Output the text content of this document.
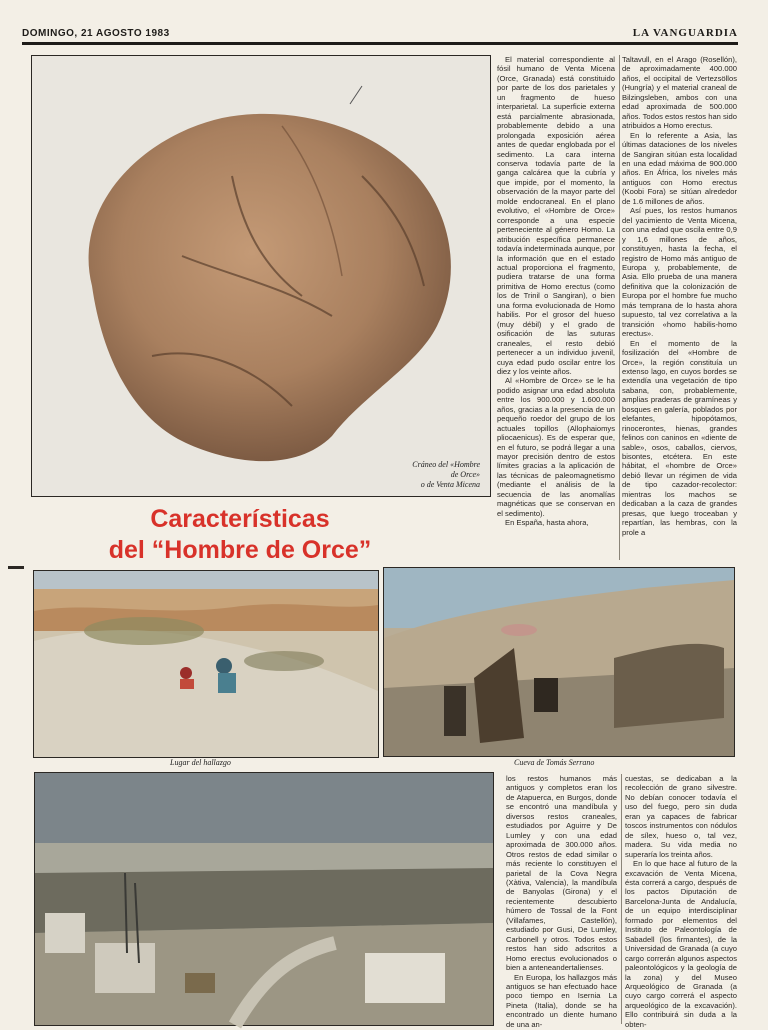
DOMINGO, 21 AGOSTO 1983	LA VANGUARDIA
Cráneo del «Hombre
de Orce»
o de Venta Micena
Características
del “Hombre de Orce”

El material correspondiente al fósil humano de Venta Micena (Orce, Granada) está constituido por parte de los dos parietales y un fragmento de hueso interparietal. La superficie externa está parcialmente abrasionada, probablemente debido a una prolongada exposición aérea antes de quedar englobada por el sedimento. La cara interna conserva todavía parte de la ganga calcárea que la cubría y que impide, por el momento, la observación de la mayor parte del molde endocraneal. En el plano evolutivo, el «Hombre de Orce» corresponde a una especie perteneciente al género Homo. La atribución específica permanece todavía indeterminada aunque, por la información que en el estado actual proporciona el fragmento, pudiera tratarse de una forma primitiva de Homo erectus (como los de Trinil o Sangiran), o bien una forma evolucionada de Homo habilis. Por el grosor del hueso (muy débil) y el grado de osificación de las suturas craneales, el resto debió pertenecer a un individuo juvenil, cuya edad pudo oscilar entre los diez y los veinte años.

Al «Hombre de Orce» se le ha podido asignar una edad absoluta entre los 900.000 y 1.600.000 años, gracias a la presencia de un pequeño roedor del grupo de los actuales topillos (Allophaiomys pliocaenicus). Es de esperar que, en el futuro, se podrá llegar a una mayor precisión dentro de estos límites gracias a la aplicación de las técnicas de paleomagnetismo (mediante el análisis de la secuencia de las anomalías magnéticas que se conservan en el sedimento).

En España, hasta ahora,

Taltavull, en el Arago (Rosellón), de aproximadamente 400.000 años, el occipital de Vertezsöllos (Hungría) y el material craneal de Bilzingsleben, ambos con una edad aproximada de 500.000 años. Todos estos restos han sido atribuidos a Homo erectus.

En lo referente a Asia, las últimas dataciones de los niveles de Sangiran sitúan esta localidad en una edad máxima de 900.000 años. En África, los niveles más antiguos con Homo erectus (Koobi Fora) se sitúan alrededor de 1.6 millones de años.

Así pues, los restos humanos del yacimiento de Venta Micena, con una edad que oscila entre 0,9 y 1,6 millones de años, constituyen, hasta la fecha, el registro de Homo más antiguo de Europa y, probablemente, de Asia. Ello prueba de una manera definitiva que la colonización de Europa por el hombre fue mucho más temprana de lo hasta ahora supuesto, tal vez correlativa a la transición «homo habilis-homo erectus».

En el momento de la fosilización del «Hombre de Orce», la región constituía un extenso lago, en cuyos bordes se extendía una vegetación de tipo sabana, con, probablemente, amplias praderas de gramíneas y bosques en galería, poblados por elefantes, hipopótamos, rinocerontes, hienas, grandes felinos con caninos en «diente de sable», osos, caballos, ciervos, bisontes, etcétera. En este hábitat, el «hombre de Orce» debió llevar un régimen de vida de tipo cazador-recolector: mientras los machos se dedicaban a la caza de grandes presas, que luego troceaban y repartían, las hembras, con la prole a

Lugar del hallazgo	Cueva de Tomás Serrano

los restos humanos más antiguos y completos eran los de Atapuerca, en Burgos, donde se encontró una mandíbula y diversos restos craneales, estudiados por Aguirre y De Lumley y con una edad aproximada de 300.000 años. Otros restos de edad similar o más reciente lo constituyen el parietal de la Cova Negra (Xàtiva, Valencia), la mandíbula de Banyolas (Girona) y el recientemente descubierto húmero de Tossal de la Font (Villafames, Castellón), estudiado por Gusi, De Lumley, Carbonell y otros. Todos estos restos han sido adscritos a Homo erectus evolucionados o bien a anteneandertalienses.

En Europa, los hallazgos más antiguos se han efectuado hace poco tiempo en Isernia La Pineta (Italia), donde se ha encontrado un diente humano de una an-

cuestas, se dedicaban a la recolección de grano silvestre. No debían conocer todavía el uso del fuego, pero sin duda eran ya capaces de fabricar toscos instrumentos con nódulos de sílex, hueso o, tal vez, madera. Su vida media no superaría los treinta años.

En lo que hace al futuro de la excavación de Venta Micena, ésta correrá a cargo, después de los pactos Diputación de Barcelona-Junta de Andalucía, de un equipo interdisciplinar formado por elementos del Instituto de Paleontología de Sabadell (los firmantes), de la Universidad de Granada (a cuyo cargo correrán algunos aspectos paleontológicos y la geología de la zona) y del Museo Arqueológico de Granada (a cuyo cargo correrá el aspecto arqueológico de la excavación). Ello contribuirá sin duda a la obten-
